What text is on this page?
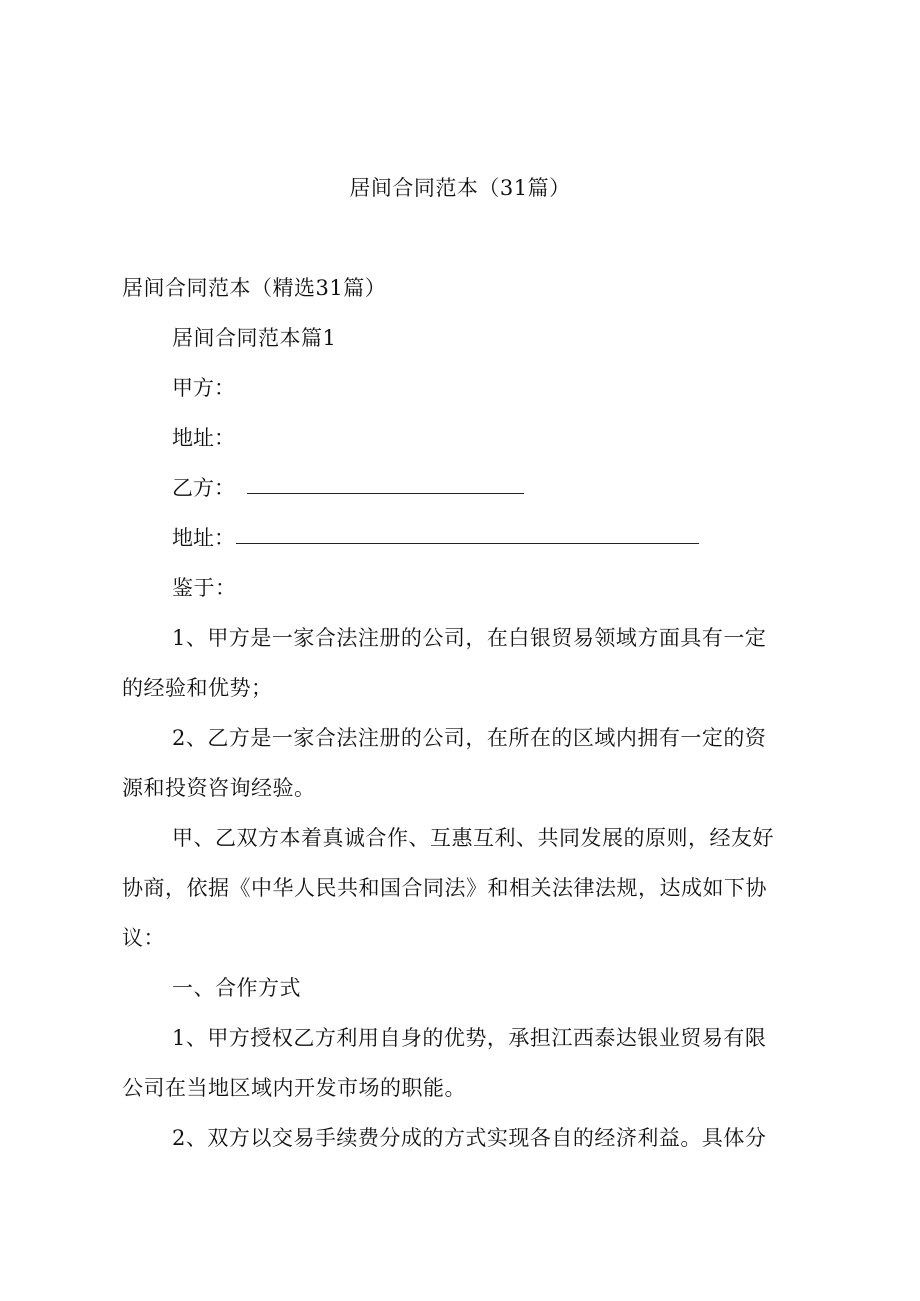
居间合同范本（31篇）
居间合同范本（精选31篇）
居间合同范本篇1
甲方：
地址：
乙方：
地址：
鉴于：
1、甲方是一家合法注册的公司，在白银贸易领域方面具有一定
的经验和优势；
2、乙方是一家合法注册的公司，在所在的区域内拥有一定的资
源和投资咨询经验。
甲、乙双方本着真诚合作、互惠互利、共同发展的原则，经友好
协商，依据《中华人民共和国合同法》和相关法律法规，达成如下协
议：
一、合作方式
1、甲方授权乙方利用自身的优势，承担江西泰达银业贸易有限
公司在当地区域内开发市场的职能。
2、双方以交易手续费分成的方式实现各自的经济利益。具体分
